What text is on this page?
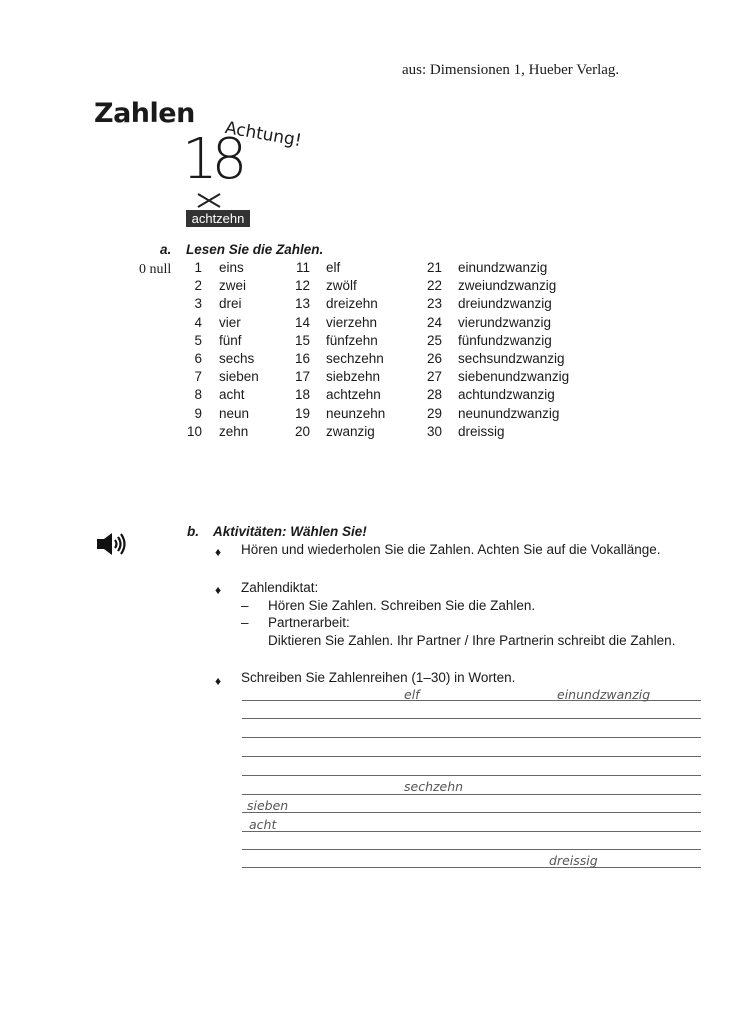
aus: Dimensionen 1, Hueber Verlag.
Zahlen
Achtung!
18
achtzehn
a. Lesen Sie die Zahlen.
0 null	1 eins
2 zwei
3 drei
4 vier
5 fünf
6 sechs
7 sieben
8 acht
9 neun
10 zehn
11 elf
12 zwölf
13 dreizehn
14 vierzehn
15 fünfzehn
16 sechzehn
17 siebzehn
18 achtzehn
19 neunzehn
20 zwanzig
21 einundzwanzig
22 zweiundzwanzig
23 dreiundzwanzig
24 vierundzwanzig
25 fünfundzwanzig
26 sechsundzwanzig
27 siebenundzwanzig
28 achtundzwanzig
29 neunundzwanzig
30 dreissig
b. Aktivitäten: Wählen Sie!
♦ Hören und wiederholen Sie die Zahlen. Achten Sie auf die Vokallänge.
♦ Zahlendiktat:
– Hören Sie Zahlen. Schreiben Sie die Zahlen.
– Partnerarbeit:
Diktieren Sie Zahlen. Ihr Partner / Ihre Partnerin schreibt die Zahlen.
♦ Schreiben Sie Zahlenreihen (1–30) in Worten.
elf	einundzwanzig
sechzehn
sieben
acht
dreissig
